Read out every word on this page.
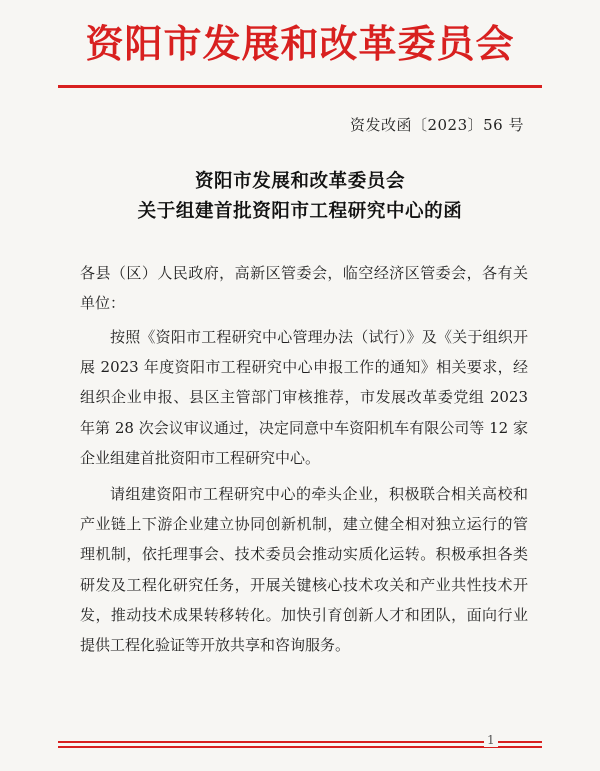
资阳市发展和改革委员会
资发改函〔2023〕56 号
资阳市发展和改革委员会
关于组建首批资阳市工程研究中心的函
各县（区）人民政府，高新区管委会，临空经济区管委会，各有关单位：
按照《资阳市工程研究中心管理办法（试行）》及《关于组织开展 2023 年度资阳市工程研究中心申报工作的通知》相关要求，经组织企业申报、县区主管部门审核推荐，市发展改革委党组 2023 年第 28 次会议审议通过，决定同意中车资阳机车有限公司等 12 家企业组建首批资阳市工程研究中心。
请组建资阳市工程研究中心的牵头企业，积极联合相关高校和产业链上下游企业建立协同创新机制，建立健全相对独立运行的管理机制，依托理事会、技术委员会推动实质化运转。积极承担各类研发及工程化研究任务，开展关键核心技术攻关和产业共性技术开发，推动技术成果转移转化。加快引育创新人才和团队，面向行业提供工程化验证等开放共享和咨询服务。
1
